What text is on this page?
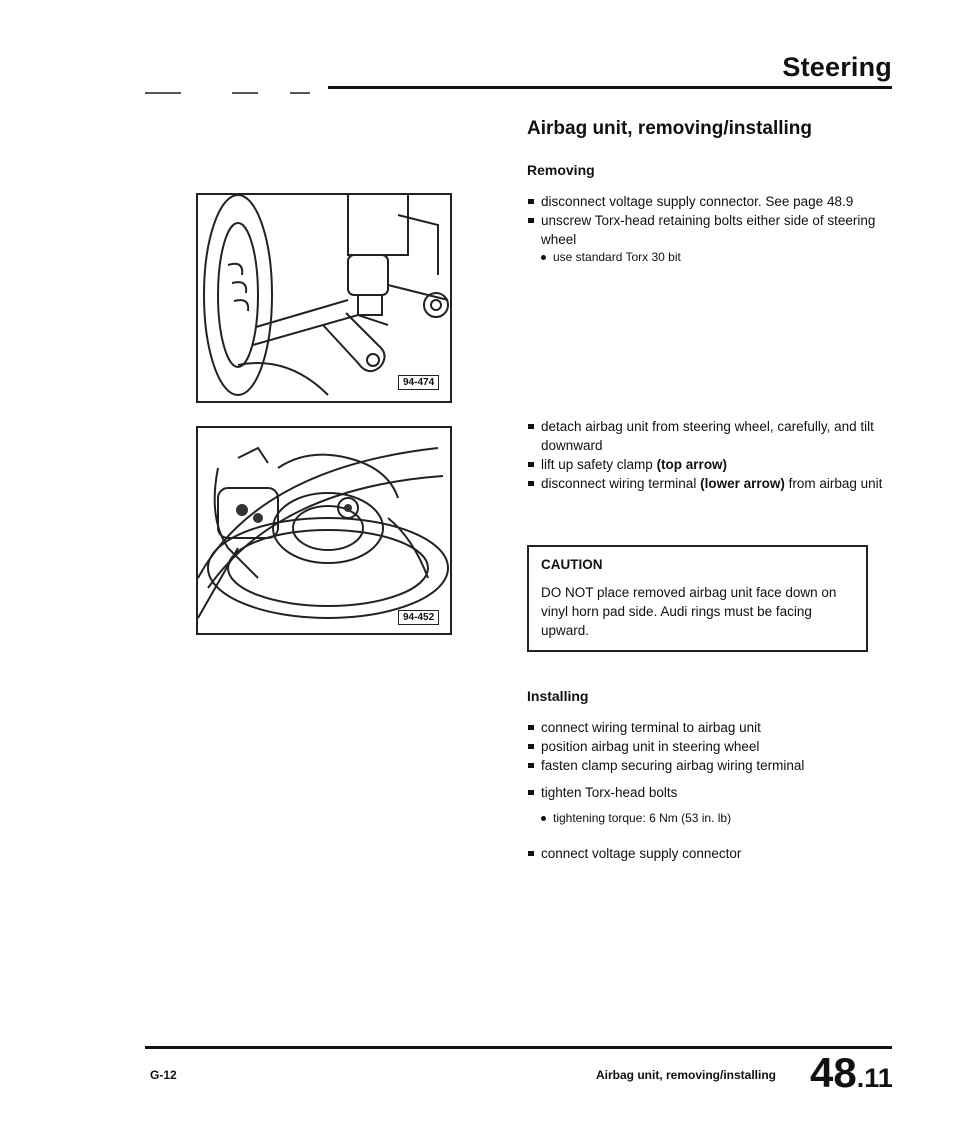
Steering
94-474
94-452
Airbag unit, removing/installing
Removing
disconnect voltage supply connector. See page 48.9
unscrew Torx-head retaining bolts either side of steering wheel
use standard Torx 30 bit
detach airbag unit from steering wheel, carefully, and tilt downward
lift up safety clamp (top arrow)
disconnect wiring terminal (lower arrow) from airbag unit
CAUTION
DO NOT place removed airbag unit face down on vinyl horn pad side. Audi rings must be facing upward.
Installing
connect wiring terminal to airbag unit
position airbag unit in steering wheel
fasten clamp securing airbag wiring terminal
tighten Torx-head bolts
tightening torque: 6 Nm (53 in. lb)
connect voltage supply connector
G-12	Airbag unit, removing/installing 48.11
